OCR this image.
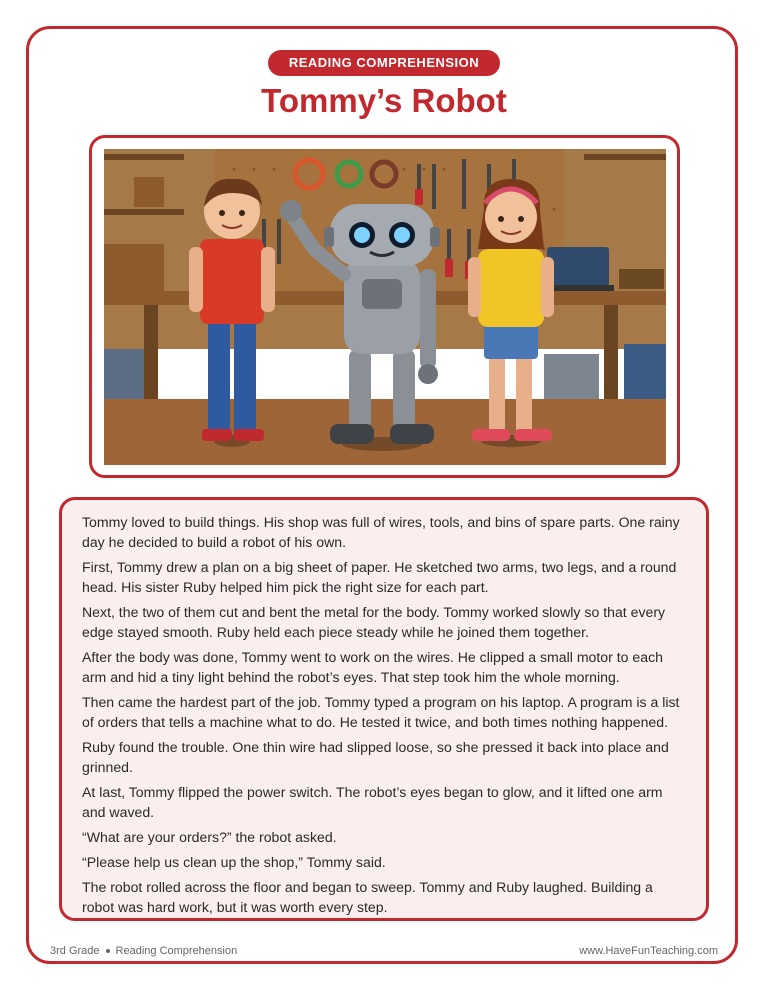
READING COMPREHENSION
Tommy’s Robot

Tommy loved to build things. His shop was full of wires, tools, and bins of spare parts. One rainy day he decided to build a robot of his own.

First, Tommy drew a plan on a big sheet of paper. He sketched two arms, two legs, and a round head. His sister Ruby helped him pick the right size for each part.

Next, the two of them cut and bent the metal for the body. Tommy worked slowly so that every edge stayed smooth. Ruby held each piece steady while he joined them together.

After the body was done, Tommy went to work on the wires. He clipped a small motor to each arm and hid a tiny light behind the robot’s eyes. That step took him the whole morning.

Then came the hardest part of the job. Tommy typed a program on his laptop. A program is a list of orders that tells a machine what to do. He tested it twice, and both times nothing happened.

Ruby found the trouble. One thin wire had slipped loose, so she pressed it back into place and grinned.

At last, Tommy flipped the power switch. The robot’s eyes began to glow, and it lifted one arm and waved.

“What are your orders?” the robot asked.

“Please help us clean up the shop,” Tommy said.

The robot rolled across the floor and began to sweep. Tommy and Ruby laughed. Building a robot was hard work, but it was worth every step.

3rd Grade Reading Comprehension	www.HaveFunTeaching.com
